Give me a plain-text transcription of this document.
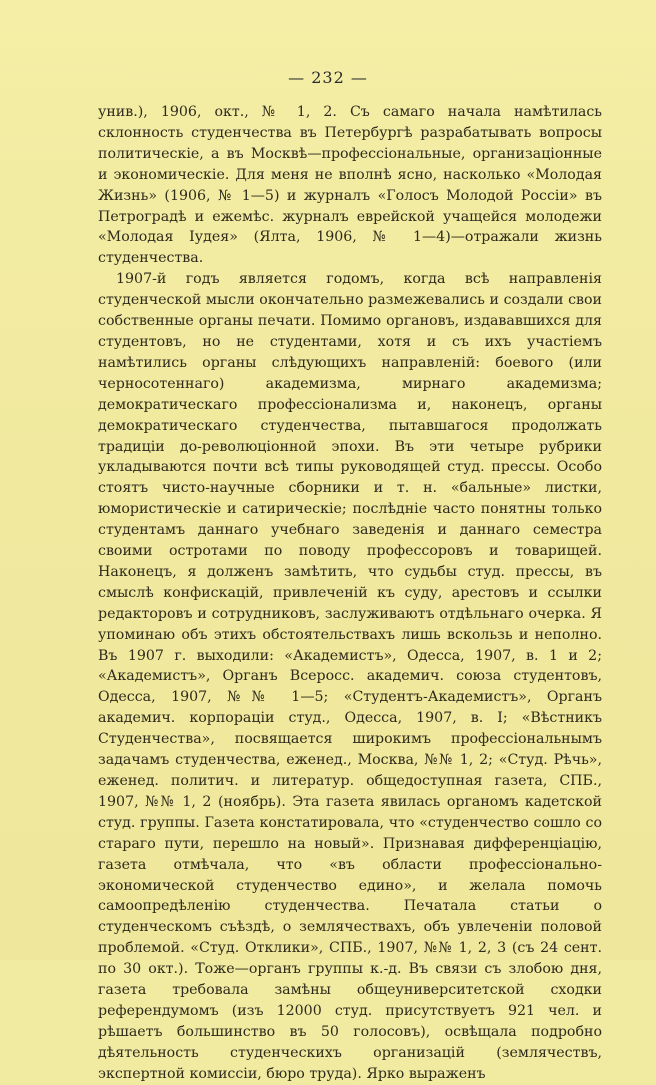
— 232 —

унив.), 1906, окт., № 1, 2. Съ самаго начала намѣтилась склонность студенчества въ Петербургѣ разрабатывать вопросы политическіе, а въ Москвѣ—профессіональные, организаціонные и экономическіе. Для меня не вполнѣ ясно, насколько «Молодая Жизнь» (1906, № 1—5) и журналъ «Голосъ Молодой Россіи» въ Петроградѣ и ежемѣс. журналъ еврейской учащейся молодежи «Молодая Іудея» (Ялта, 1906, № 1—4)—отражали жизнь студенчества.

1907-й годъ является годомъ, когда всѣ направленія студенческой мысли окончательно размежевались и создали свои собственные органы печати. Помимо органовъ, издававшихся для студентовъ, но не студентами, хотя и съ ихъ участіемъ намѣтились органы слѣдующихъ направленій: боевого (или черносотеннаго) академизма, мирнаго академизма; демократическаго профессіонализма и, наконецъ, органы демократическаго студенчества, пытавшагося продолжать традиціи до-революціонной эпохи. Въ эти четыре рубрики укладываются почти всѣ типы руководящей студ. прессы. Особо стоятъ чисто-научные сборники и т. н. «бальные» листки, юмористическіе и сатирическіе; послѣдніе часто понятны только студентамъ даннаго учебнаго заведенія и даннаго семестра своими остротами по поводу профессоровъ и товарищей. Наконецъ, я долженъ замѣтить, что судьбы студ. прессы, въ смыслѣ конфискацій, привлеченій къ суду, арестовъ и ссылки редакторовъ и сотрудниковъ, заслуживаютъ отдѣльнаго очерка. Я упоминаю объ этихъ обстоятельствахъ лишь вскользь и неполно. Въ 1907 г. выходили: «Академистъ», Одесса, 1907, в. 1 и 2; «Академистъ», Органъ Всеросс. академич. союза студентовъ, Одесса, 1907, №№ 1—5; «Студентъ-Академистъ», Органъ академич. корпораціи студ., Одесса, 1907, в. I; «Вѣстникъ Студенчества», посвящается широкимъ профессіональнымъ задачамъ студенчества, еженед., Москва, №№ 1, 2; «Студ. Рѣчь», еженед. политич. и литератур. общедоступная газета, СПБ., 1907, №№ 1, 2 (ноябрь). Эта газета явилась органомъ кадетской студ. группы. Газета констатировала, что «студенчество сошло со стараго пути, перешло на новый». Признавая дифференціацію, газета отмѣчала, что «въ области профессіонально-экономической студенчество едино», и желала помочь самоопредѣленію студенчества. Печатала статьи о студенческомъ съѣздѣ, о землячествахъ, объ увлеченіи половой проблемой. «Студ. Отклики», СПБ., 1907, №№ 1, 2, 3 (съ 24 сент. по 30 окт.). Тоже—органъ группы к.-д. Въ связи съ злобою дня, газета требовала замѣны общеуниверситетской сходки референдумомъ (изъ 12000 студ. присутствуетъ 921 чел. и рѣшаетъ большинство въ 50 голосовъ), освѣщала подробно дѣятельность студенческихъ организацій (землячествъ, экспертной комиссіи, бюро труда). Ярко выраженъ
